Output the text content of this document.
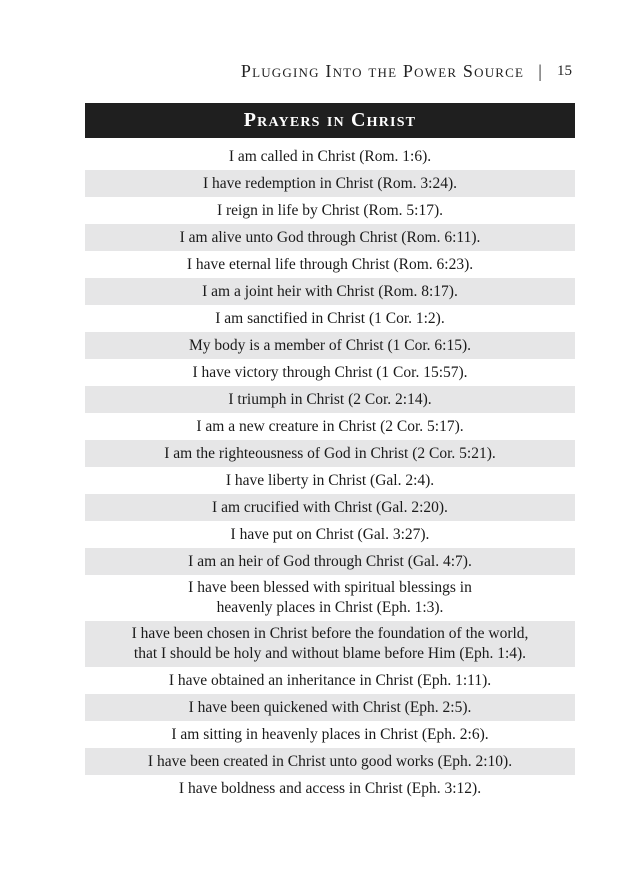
Plugging Into the Power Source | 15
Prayers in Christ
I am called in Christ (Rom. 1:6).
I have redemption in Christ (Rom. 3:24).
I reign in life by Christ (Rom. 5:17).
I am alive unto God through Christ (Rom. 6:11).
I have eternal life through Christ (Rom. 6:23).
I am a joint heir with Christ (Rom. 8:17).
I am sanctified in Christ (1 Cor. 1:2).
My body is a member of Christ (1 Cor. 6:15).
I have victory through Christ (1 Cor. 15:57).
I triumph in Christ (2 Cor. 2:14).
I am a new creature in Christ (2 Cor. 5:17).
I am the righteousness of God in Christ (2 Cor. 5:21).
I have liberty in Christ (Gal. 2:4).
I am crucified with Christ (Gal. 2:20).
I have put on Christ (Gal. 3:27).
I am an heir of God through Christ (Gal. 4:7).
I have been blessed with spiritual blessings in
heavenly places in Christ (Eph. 1:3).
I have been chosen in Christ before the foundation of the world,
that I should be holy and without blame before Him (Eph. 1:4).
I have obtained an inheritance in Christ (Eph. 1:11).
I have been quickened with Christ (Eph. 2:5).
I am sitting in heavenly places in Christ (Eph. 2:6).
I have been created in Christ unto good works (Eph. 2:10).
I have boldness and access in Christ (Eph. 3:12).
